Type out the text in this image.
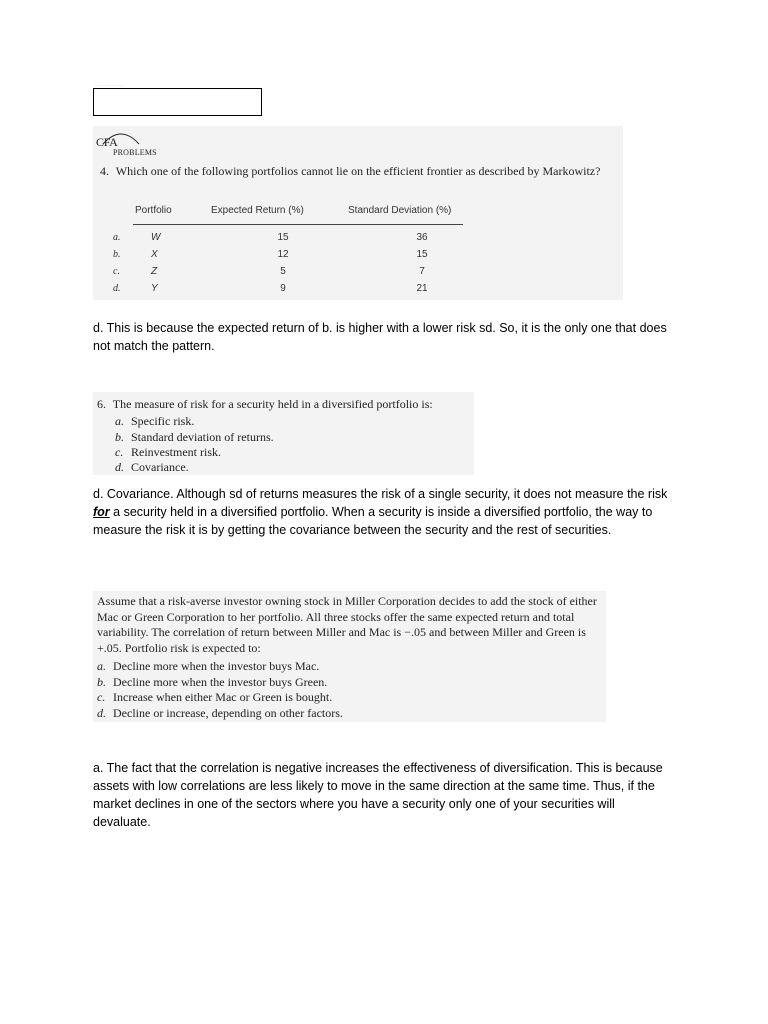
························
CFA
PROBLEMS
4. Which one of the following portfolios cannot lie on the efficient frontier as described by Markowitz?
Portfolio	Expected Return (%)	Standard Deviation (%)
a.	W	15	36
b.	X	12	15
c.	Z	5	7
d.	Y	9	21
d. This is because the expected return of b. is higher with a lower risk sd. So, it is the only one that does not match the pattern.
6. The measure of risk for a security held in a diversified portfolio is:
a. Specific risk.
b. Standard deviation of returns.
c. Reinvestment risk.
d. Covariance.
d. Covariance. Although sd of returns measures the risk of a single security, it does not measure the risk for a security held in a diversified portfolio. When a security is inside a diversified portfolio, the way to measure the risk it is by getting the covariance between the security and the rest of securities.
Assume that a risk-averse investor owning stock in Miller Corporation decides to add the stock of either Mac or Green Corporation to her portfolio. All three stocks offer the same expected return and total variability. The correlation of return between Miller and Mac is −.05 and between Miller and Green is +.05. Portfolio risk is expected to:
a. Decline more when the investor buys Mac.
b. Decline more when the investor buys Green.
c. Increase when either Mac or Green is bought.
d. Decline or increase, depending on other factors.
a. The fact that the correlation is negative increases the effectiveness of diversification. This is because assets with low correlations are less likely to move in the same direction at the same time. Thus, if the market declines in one of the sectors where you have a security only one of your securities will devaluate.
